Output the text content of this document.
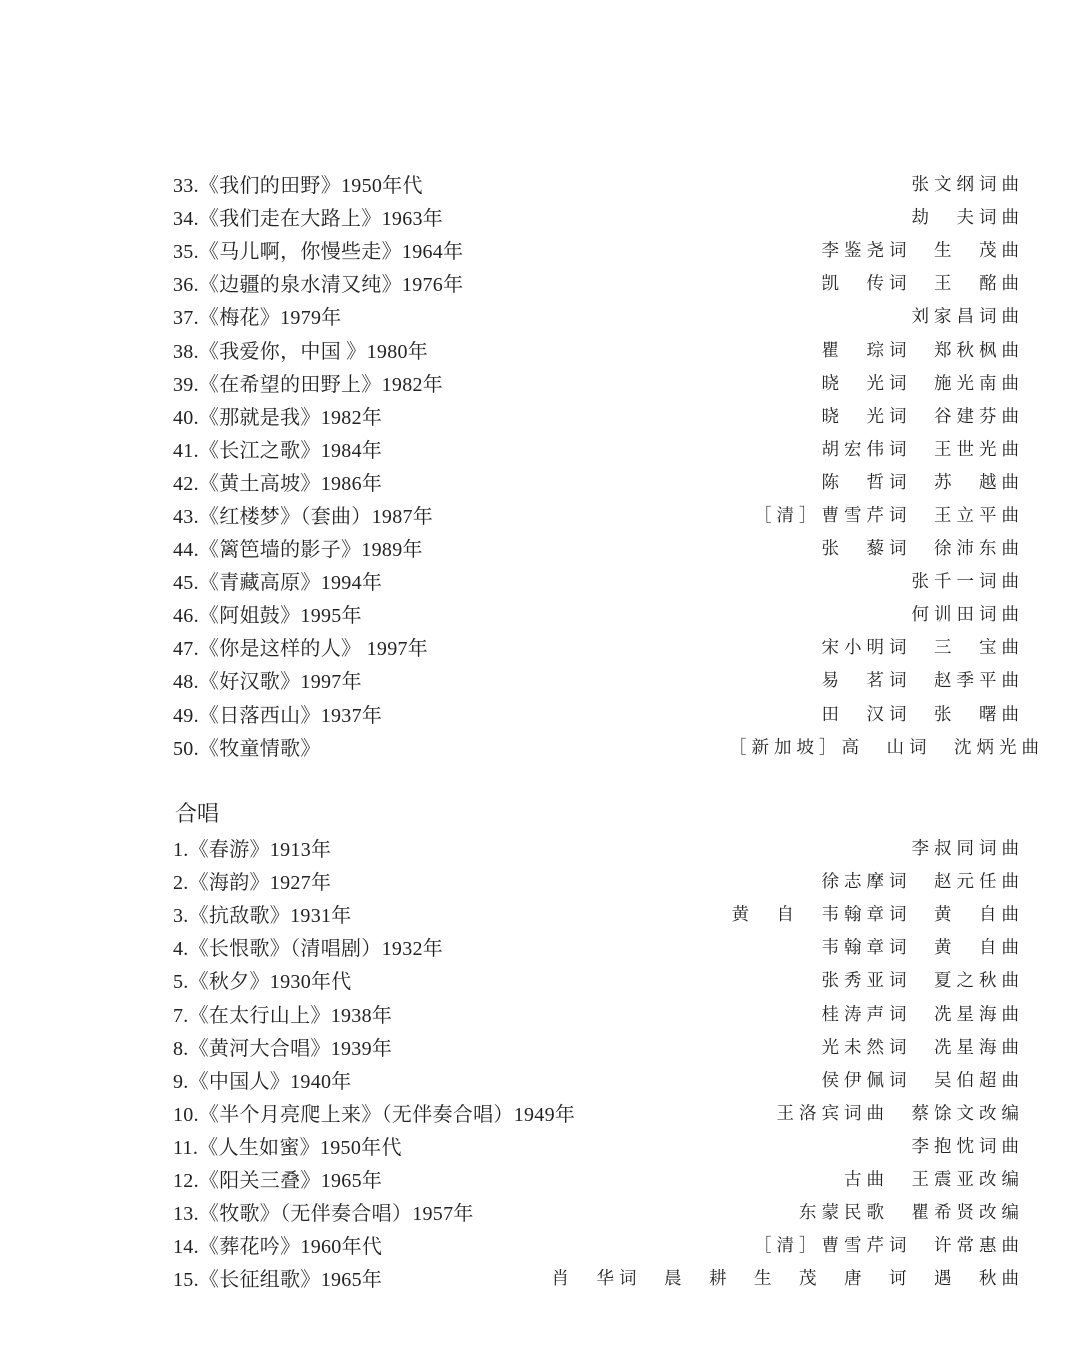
33.《我们的田野》1950年代	张文纲词曲
34.《我们走在大路上》1963年	劫　夫词曲
35.《马儿啊，你慢些走》1964年	李鉴尧词　生　茂曲
36.《边疆的泉水清又纯》1976年	凯　传词　王　酩曲
37.《梅花》1979年	刘家昌词曲
38.《我爱你，中国 》1980年	瞿　琮词　郑秋枫曲
39.《在希望的田野上》1982年	晓　光词　施光南曲
40.《那就是我》1982年	晓　光词　谷建芬曲
41.《长江之歌》1984年	胡宏伟词　王世光曲
42.《黄土高坡》1986年	陈　哲词　苏　越曲
43.《红楼梦》（套曲）1987年	［清］曹雪芹词　王立平曲
44.《篱笆墙的影子》1989年	张　藜词　徐沛东曲
45.《青藏高原》1994年	张千一词曲
46.《阿姐鼓》1995年	何训田词曲
47.《你是这样的人》 1997年	宋小明词　三　宝曲
48.《好汉歌》1997年	易　茗词　赵季平曲
49.《日落西山》1937年	田　汉词　张　曙曲
50.《牧童情歌》	［新加坡］高　山词　沈炳光曲
合唱
1.《春游》1913年	李叔同词曲
2.《海韵》1927年	徐志摩词　赵元任曲
3.《抗敌歌》1931年	黄　自　韦翰章词　黄　自曲
4.《长恨歌》（清唱剧）1932年	韦翰章词　黄　自曲
5.《秋夕》1930年代	张秀亚词　夏之秋曲
7.《在太行山上》1938年	桂涛声词　冼星海曲
8.《黄河大合唱》1939年	光未然词　冼星海曲
9.《中国人》1940年	侯伊佩词　吴伯超曲
10.《半个月亮爬上来》（无伴奏合唱）1949年	王洛宾词曲　蔡馀文改编
11.《人生如蜜》1950年代	李抱忱词曲
12.《阳关三叠》1965年	古曲　王震亚改编
13.《牧歌》（无伴奏合唱）1957年	东蒙民歌　瞿希贤改编
14.《葬花吟》1960年代	［清］曹雪芹词　许常惠曲
15.《长征组歌》1965年	肖　华词　晨　耕　生　茂　唐　诃　遇　秋曲
